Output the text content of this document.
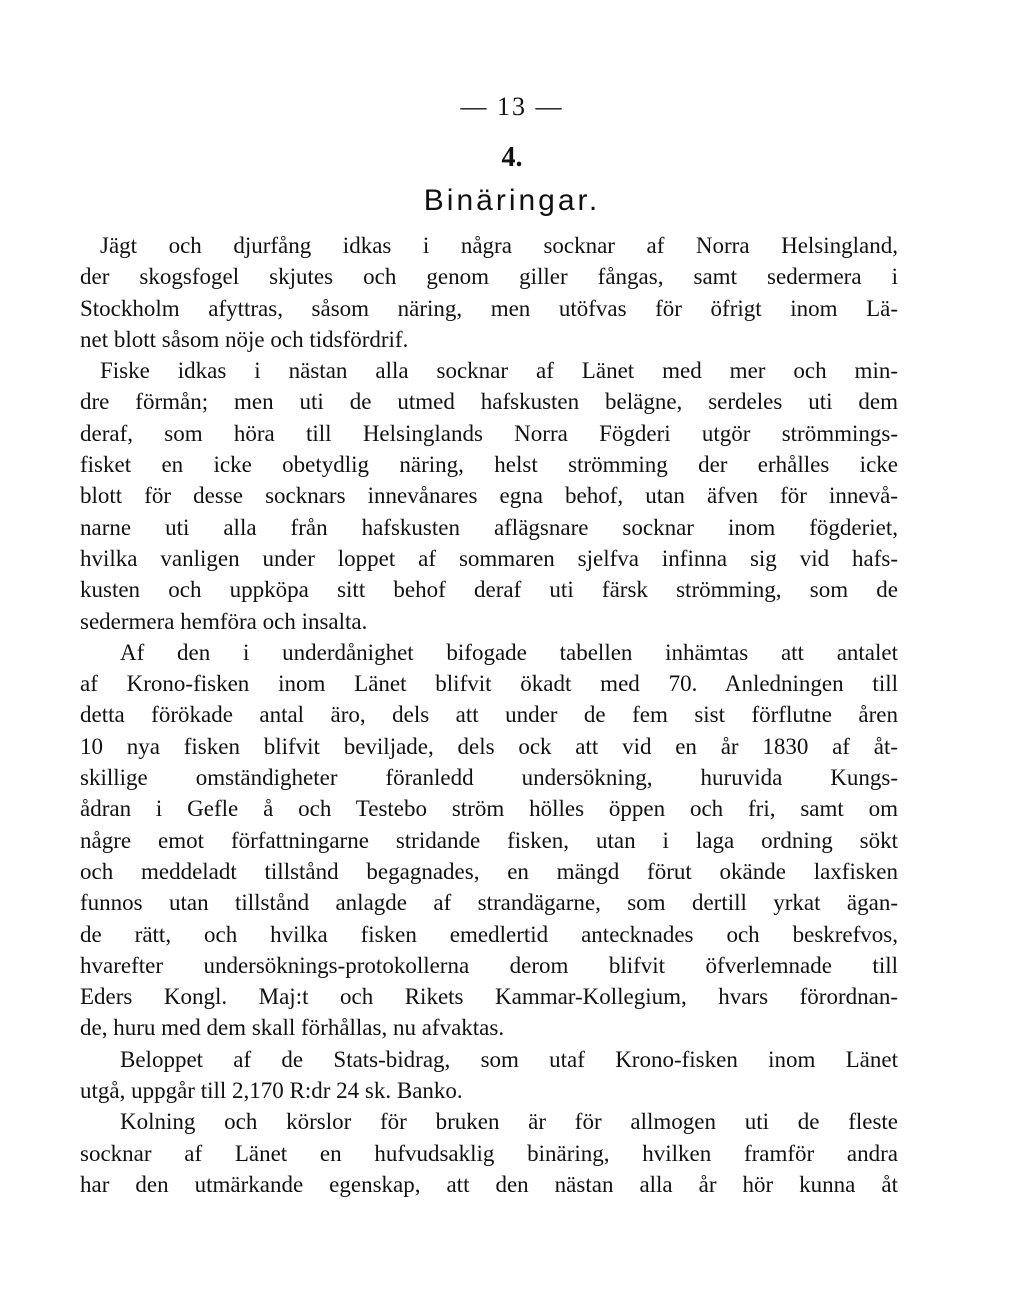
— 13 —
4.
Binäringar.
Jägt och djurfång idkas i några socknar af Norra Helsingland,
der skogsfogel skjutes och genom giller fångas, samt sedermera i
Stockholm afyttras, såsom näring, men utöfvas för öfrigt inom Lä-
net blott såsom nöje och tidsfördrif.
Fiske idkas i nästan alla socknar af Länet med mer och min-
dre förmån; men uti de utmed hafskusten belägne, serdeles uti dem
deraf, som höra till Helsinglands Norra Fögderi utgör strömmings-
fisket en icke obetydlig näring, helst strömming der erhålles icke
blott för desse socknars innevånares egna behof, utan äfven för innevå-
narne uti alla från hafskusten aflägsnare socknar inom fögderiet,
hvilka vanligen under loppet af sommaren sjelfva infinna sig vid hafs-
kusten och uppköpa sitt behof deraf uti färsk strömming, som de
sedermera hemföra och insalta.
Af den i underdånighet bifogade tabellen inhämtas att antalet
af Krono-fisken inom Länet blifvit ökadt med 70. Anledningen till
detta förökade antal äro, dels att under de fem sist förflutne åren
10 nya fisken blifvit beviljade, dels ock att vid en år 1830 af åt-
skillige omständigheter föranledd undersökning, huruvida Kungs-
ådran i Gefle å och Testebo ström hölles öppen och fri, samt om
någre emot författningarne stridande fisken, utan i laga ordning sökt
och meddeladt tillstånd begagnades, en mängd förut okände laxfisken
funnos utan tillstånd anlagde af strandägarne, som dertill yrkat ägan-
de rätt, och hvilka fisken emedlertid antecknades och beskrefvos,
hvarefter undersöknings-protokollerna derom blifvit öfverlemnade till
Eders Kongl. Maj:t och Rikets Kammar-Kollegium, hvars förordnan-
de, huru med dem skall förhållas, nu afvaktas.
Beloppet af de Stats-bidrag, som utaf Krono-fisken inom Länet
utgå, uppgår till 2,170 R:dr 24 sk. Banko.
Kolning och körslor för bruken är för allmogen uti de fleste
socknar af Länet en hufvudsaklig binäring, hvilken framför andra
har den utmärkande egenskap, att den nästan alla år hör kunna åt
